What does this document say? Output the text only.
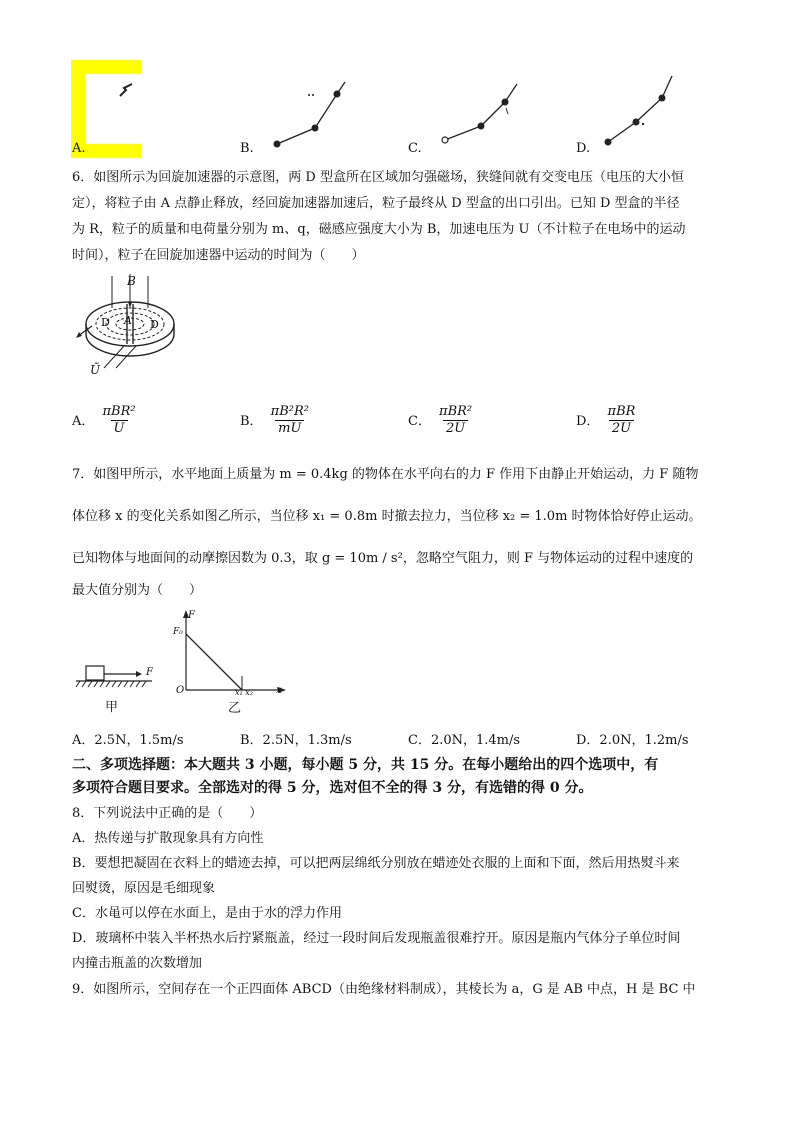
A.	B.	C.	D.
6．如图所示为回旋加速器的示意图，两 D 型盒所在区域加匀强磁场，狭缝间就有交变电压（电压的大小恒
定），将粒子由 A 点静止释放，经回旋加速器加速后，粒子最终从 D 型盒的出口引出。已知 D 型盒的半径
为 R，粒子的质量和电荷量分别为 m、q，磁感应强度大小为 B，加速电压为 U（不计粒子在电场中的运动
时间），粒子在回旋加速器中运动的时间为（　　）
B
D	D
A
Ũ
A． $\frac{\text{πBR²}}{U}$	B． $\frac{\text{πB²R²}}{mU}$	C． $\frac{\text{πBR²}}{2U}$	D． $\frac{\text{πBR}}{2U}$
7．如图甲所示，水平地面上质量为 m = 0.4kg 的物体在水平向右的力 F 作用下由静止开始运动，力 F 随物
体位移 x 的变化关系如图乙所示，当位移 x₁ = 0.8m 时撤去拉力，当位移 x₂ = 1.0m 时物体恰好停止运动。
已知物体与地面间的动摩擦因数为 0.3，取 g = 10m / s²，忽略空气阻力，则 F 与物体运动的过程中速度的
最大值分别为（　　）
F
甲
F
F₀
O	x
x₁ x₂
乙
A．2.5N，1.5m/s	B．2.5N，1.3m/s	C．2.0N，1.4m/s	D．2.0N，1.2m/s
二、多项选择题：本大题共 3 小题，每小题 5 分，共 15 分。在每小题给出的四个选项中，有
多项符合题目要求。全部选对的得 5 分，选对但不全的得 3 分，有选错的得 0 分。
8．下列说法中正确的是（　　）
A．热传递与扩散现象具有方向性
B．要想把凝固在衣料上的蜡迹去掉，可以把两层绵纸分别放在蜡迹处衣服的上面和下面，然后用热熨斗来
回熨烫，原因是毛细现象
C．水黾可以停在水面上，是由于水的浮力作用
D．玻璃杯中装入半杯热水后拧紧瓶盖，经过一段时间后发现瓶盖很难拧开。原因是瓶内气体分子单位时间
内撞击瓶盖的次数增加
9．如图所示，空间存在一个正四面体 ABCD（由绝缘材料制成），其棱长为 a，G 是 AB 中点，H 是 BC 中
